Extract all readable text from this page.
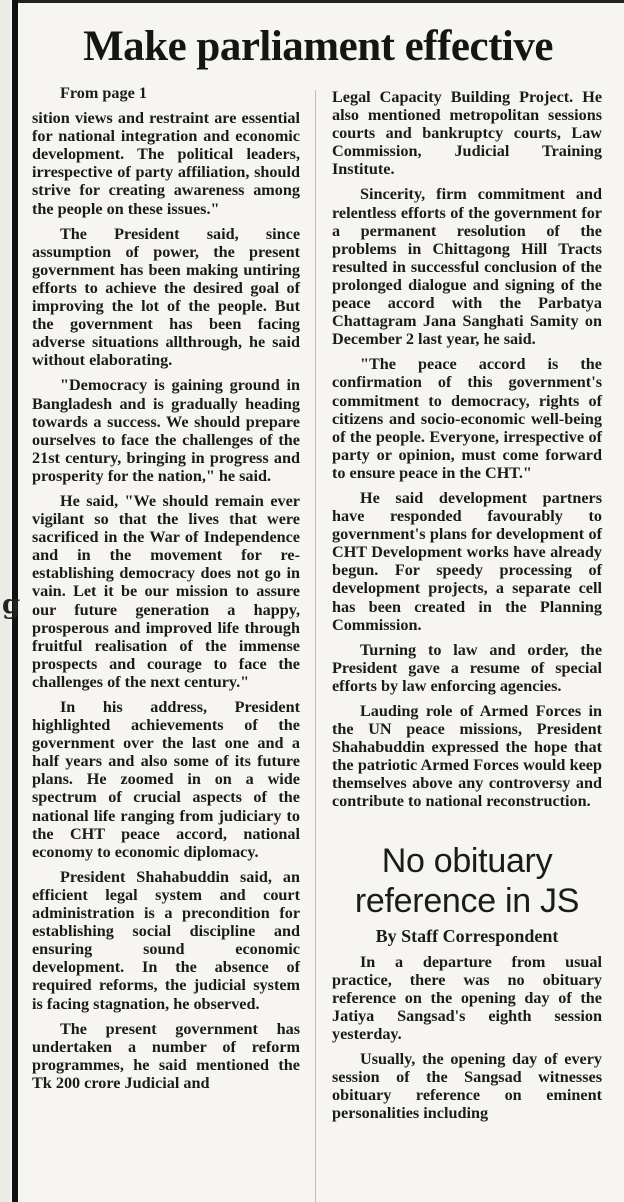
g
Make parliament effective

From page 1

sition views and restraint are essential for national integration and economic development. The political leaders, irrespective of party affiliation, should strive for creating awareness among the people on these issues."

The President said, since assumption of power, the present government has been making untiring efforts to achieve the desired goal of improving the lot of the people. But the government has been facing adverse situations allthrough, he said without elaborating.

"Democracy is gaining ground in Bangladesh and is gradually heading towards a success. We should prepare ourselves to face the challenges of the 21st century, bringing in progress and prosperity for the nation," he said.

He said, "We should remain ever vigilant so that the lives that were sacrificed in the War of Independence and in the movement for re-establishing democracy does not go in vain. Let it be our mission to assure our future generation a happy, prosperous and improved life through fruitful realisation of the immense prospects and courage to face the challenges of the next century."

In his address, President highlighted achievements of the government over the last one and a half years and also some of its future plans. He zoomed in on a wide spectrum of crucial aspects of the national life ranging from judiciary to the CHT peace accord, national economy to economic diplomacy.

President Shahabuddin said, an efficient legal system and court administration is a precondition for establishing social discipline and ensuring sound economic development. In the absence of required reforms, the judicial system is facing stagnation, he observed.

The present government has undertaken a number of reform programmes, he said mentioned the Tk 200 crore Judicial and

Legal Capacity Building Project. He also mentioned metropolitan sessions courts and bankruptcy courts, Law Commission, Judicial Training Institute.

Sincerity, firm commitment and relentless efforts of the government for a permanent resolution of the problems in Chittagong Hill Tracts resulted in successful conclusion of the prolonged dialogue and signing of the peace accord with the Parbatya Chattagram Jana Sanghati Samity on December 2 last year, he said.

"The peace accord is the confirmation of this government's commitment to democracy, rights of citizens and socio-economic well-being of the people. Everyone, irrespective of party or opinion, must come forward to ensure peace in the CHT."

He said development partners have responded favourably to government's plans for development of CHT Development works have already begun. For speedy processing of development projects, a separate cell has been created in the Planning Commission.

Turning to law and order, the President gave a resume of special efforts by law enforcing agencies.

Lauding role of Armed Forces in the UN peace missions, President Shahabuddin expressed the hope that the patriotic Armed Forces would keep themselves above any controversy and contribute to national reconstruction.

No obituary reference in JS
By Staff Correspondent

In a departure from usual practice, there was no obituary reference on the opening day of the Jatiya Sangsad's eighth session yesterday.

Usually, the opening day of every session of the Sangsad witnesses obituary reference on eminent personalities including
